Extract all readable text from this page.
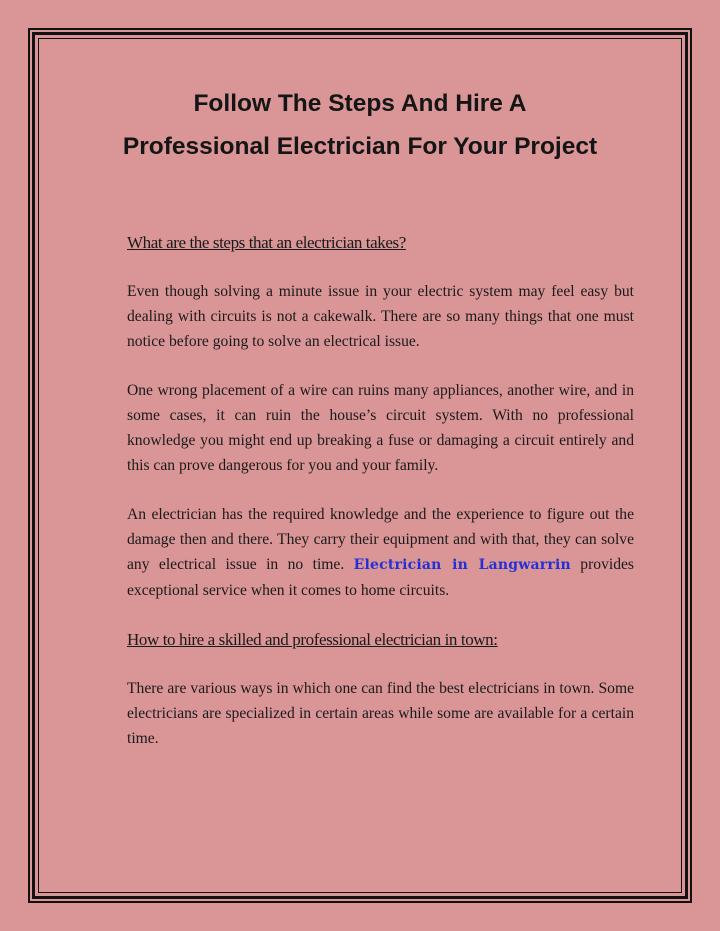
Follow The Steps And Hire A
Professional Electrician For Your Project

What are the steps that an electrician takes?

Even though solving a minute issue in your electric system may feel easy but dealing with circuits is not a cakewalk. There are so many things that one must notice before going to solve an electrical issue.

One wrong placement of a wire can ruins many appliances, another wire, and in some cases, it can ruin the house’s circuit system. With no professional knowledge you might end up breaking a fuse or damaging a circuit entirely and this can prove dangerous for you and your family.

An electrician has the required knowledge and the experience to figure out the damage then and there. They carry their equipment and with that, they can solve any electrical issue in no time. Electrician in Langwarrin provides exceptional service when it comes to home circuits.

How to hire a skilled and professional electrician in town:

There are various ways in which one can find the best electricians in town. Some electricians are specialized in certain areas while some are available for a certain time.
